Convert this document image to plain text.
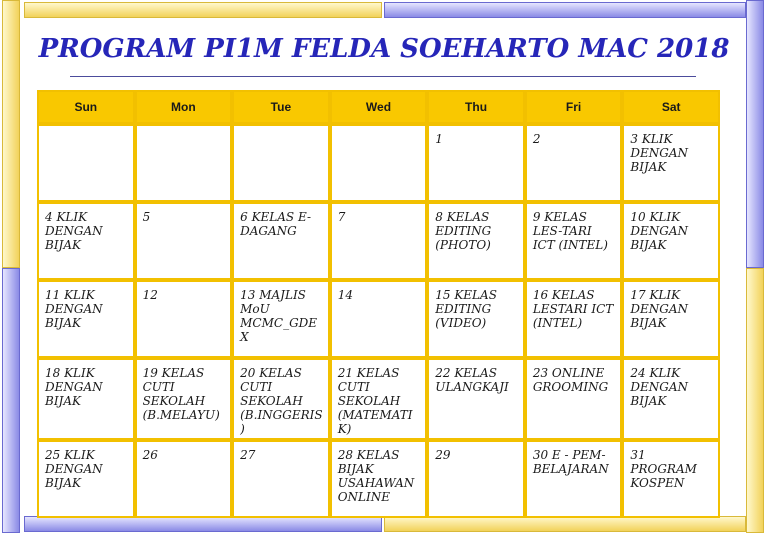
PROGRAM PI1M FELDA SOEHARTO MAC 2018
Sun	Mon	Tue	Wed	Thu	Fri	Sat
				1	2	3 KLIK DENGAN BIJAK
4 KLIK DENGAN BIJAK	5	6 KELAS E-DAGANG	7	8 KELAS EDITING (PHOTO)	9 KELAS LES-TARI ICT (INTEL)	10 KLIK DENGAN BIJAK
11 KLIK DENGAN BIJAK	12	13 MAJLIS MoU MCMC_GDEX	14	15 KELAS EDITING (VIDEO)	16 KELAS LESTARI ICT (INTEL)	17 KLIK DENGAN BIJAK
18 KLIK DENGAN BIJAK	19 KELAS CUTI SEKOLAH (B.MELAYU)	20 KELAS CUTI SEKOLAH (B.INGGERIS)	21 KELAS CUTI SEKOLAH (MATEMATIK)	22 KELAS ULANGKAJI	23 ONLINE GROOMING	24 KLIK DENGAN BIJAK
25 KLIK DENGAN BIJAK	26	27	28 KELAS BIJAK USAHAWAN ONLINE	29	30 E - PEM-BELAJARAN	31 PROGRAM KOSPEN
